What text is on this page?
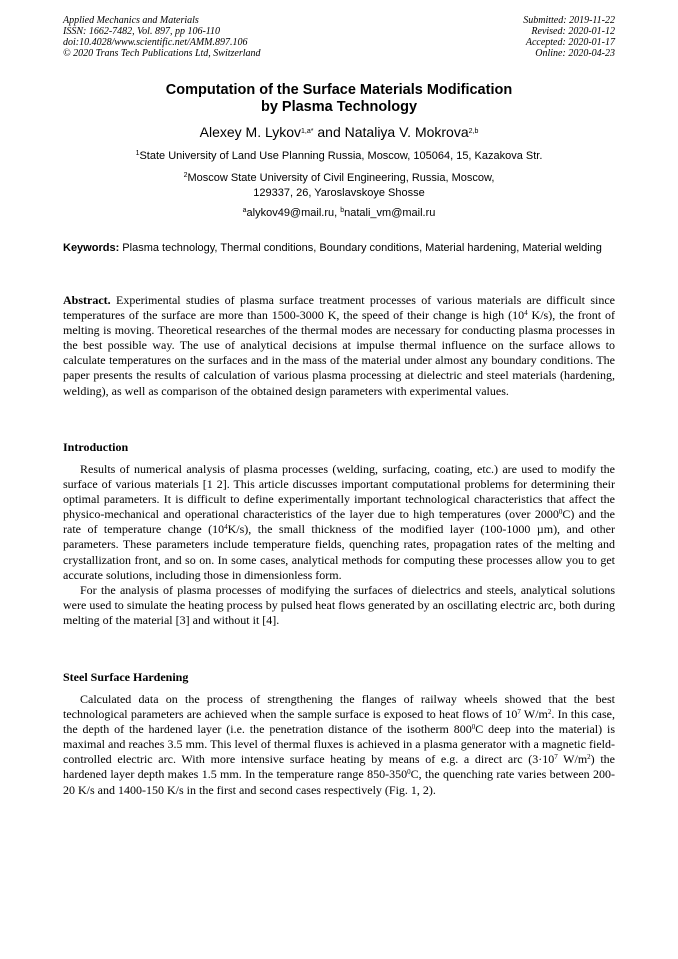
Applied Mechanics and Materials
ISSN: 1662-7482, Vol. 897, pp 106-110
doi:10.4028/www.scientific.net/AMM.897.106
© 2020 Trans Tech Publications Ltd, Switzerland
Submitted: 2019-11-22
Revised: 2020-01-12
Accepted: 2020-01-17
Online: 2020-04-23
Computation of the Surface Materials Modification
by Plasma Technology
Alexey M. Lykov$^{1,a*}$ and Nataliya V. Mokrova$^{2,b}$
$^1$State University of Land Use Planning Russia, Moscow, 105064, 15, Kazakova Str.
$^2$Moscow State University of Civil Engineering, Russia, Moscow,
129337, 26, Yaroslavskoye Shosse
$^a$alykov49@mail.ru, $^b$natali_vm@mail.ru
Keywords: Plasma technology, Thermal conditions, Boundary conditions, Material hardening, Material welding
Abstract. Experimental studies of plasma surface treatment processes of various materials are difficult since temperatures of the surface are more than 1500-3000 K, the speed of their change is high ($10^4$ K/s), the front of melting is moving. Theoretical researches of the thermal modes are necessary for conducting plasma processes in the best possible way. The use of analytical decisions at impulse thermal influence on the surface allows to calculate temperatures on the surfaces and in the mass of the material under almost any boundary conditions. The paper presents the results of calculation of various plasma processing at dielectric and steel materials (hardening, welding), as well as comparison of the obtained design parameters with experimental values.
Introduction

Results of numerical analysis of plasma processes (welding, surfacing, coating, etc.) are used to modify the surface of various materials [1 2]. This article discusses important computational problems for determining their optimal parameters. It is difficult to define experimentally important technological characteristics that affect the physico-mechanical and operational characteristics of the layer due to high temperatures (over 2000$^0$C) and the rate of temperature change $(10^4K/s)$, the small thickness of the modified layer (100-1000 µm), and other parameters. These parameters include temperature fields, quenching rates, propagation rates of the melting and crystallization front, and so on. In some cases, analytical methods for computing these processes allow you to get accurate solutions, including those in dimensionless form.

For the analysis of plasma processes of modifying the surfaces of dielectrics and steels, analytical solutions were used to simulate the heating process by pulsed heat flows generated by an oscillating electric arc, both during melting of the material [3] and without it [4].

Steel Surface Hardening

Calculated data on the process of strengthening the flanges of railway wheels showed that the best technological parameters are achieved when the sample surface is exposed to heat flows of $10^7$ $W/m^2$. In this case, the depth of the hardened layer (i.e. the penetration distance of the isotherm $800^0C$ deep into the material) is maximal and reaches 3.5 mm. This level of thermal fluxes is achieved in a plasma generator with a magnetic field-controlled electric arc. With more intensive surface heating by means of e.g. a direct arc ($3\cdot 10^7$ $W/m^2$) the hardened layer depth makes 1.5 mm. In the temperature range $850-350^0C$, the quenching rate varies between 200-20 K/s and 1400-150 K/s in the first and second cases respectively (Fig. 1, 2).
